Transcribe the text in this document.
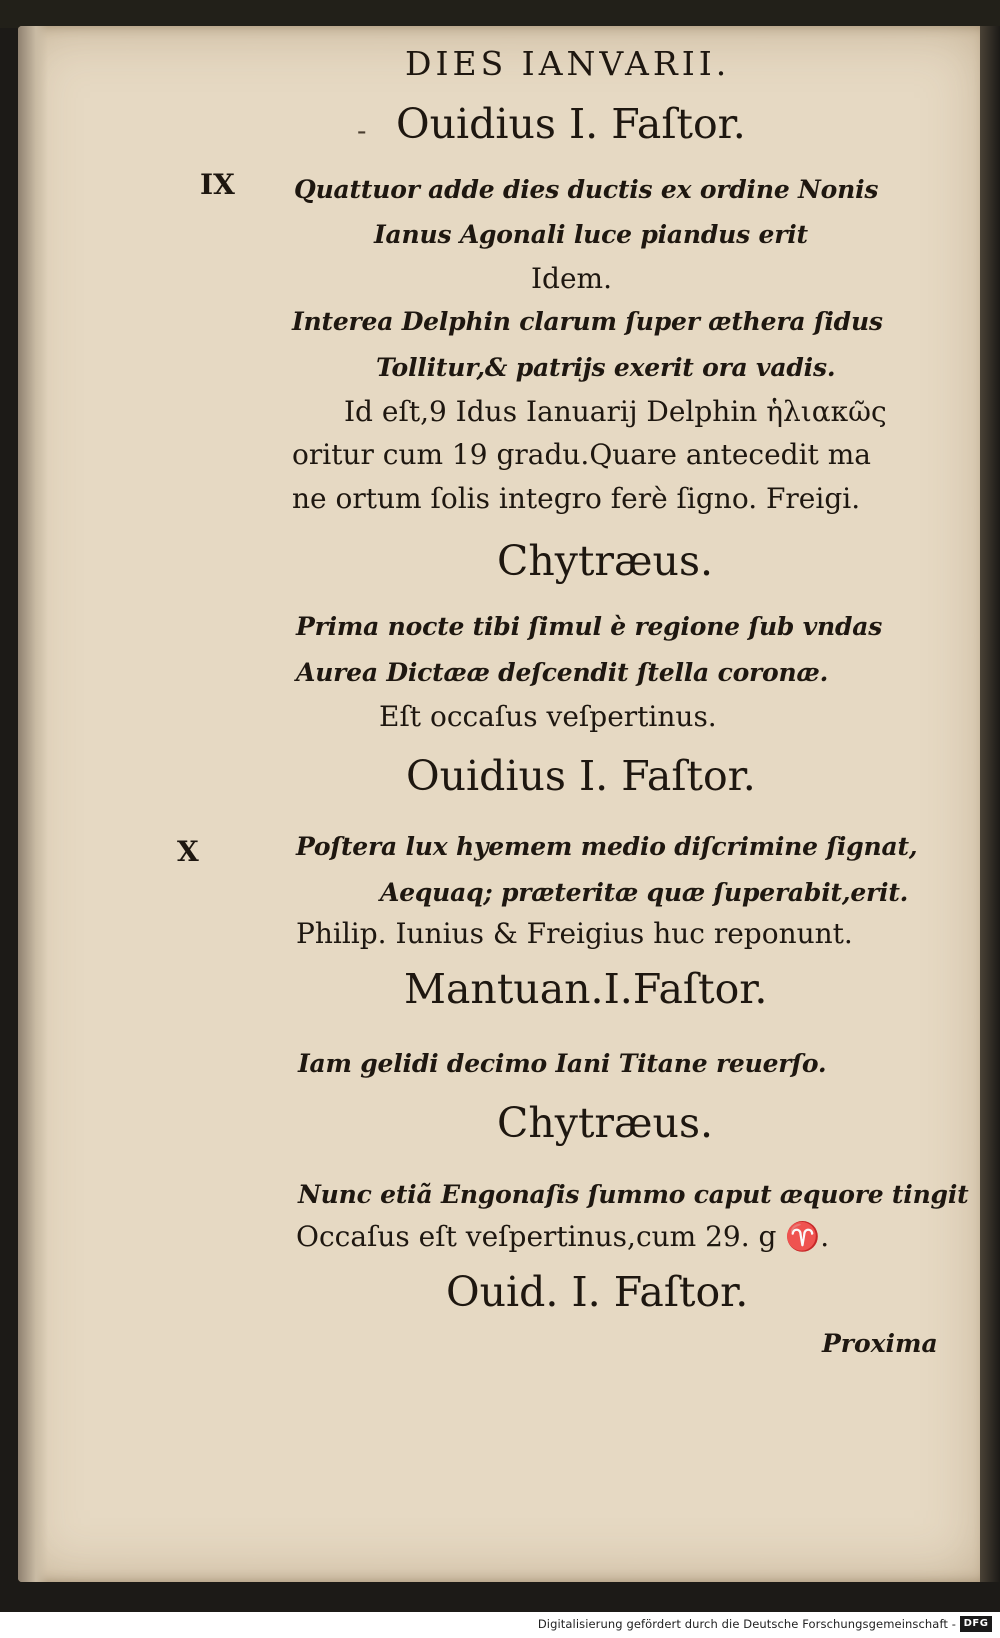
DIES IANVARII.
- Ouidius I. Faſtor.
IX Quattuor adde dies ductis ex ordine Nonis
Ianus Agonali luce piandus erit
Idem.
Interea Delphin clarum ſuper æthera ſidus
Tollitur,& patrijs exerit ora vadis.
Id eſt,9 Idus Ianuarij Delphin ἡλιακῶς
oritur cum 19 gradu.Quare antecedit ma
ne ortum ſolis integro ferè ſigno. Freigi.
Chytræus.
Prima nocte tibi ſimul è regione ſub vndas
Aurea Dictææ deſcendit ſtella coronæ.
Eſt occaſus veſpertinus.
Ouidius I. Faſtor.
X	Poſtera lux hyemem medio diſcrimine ſignat,
Aequaq; præteritæ quæ ſuperabit,erit.
Philip. Iunius & Freigius huc reponunt.
Mantuan.I.Faſtor.
Iam gelidi decimo Iani Titane reuerſo.
Chytræus.
Nunc etiã Engonaſis ſummo caput æquore tingit
Occaſus eſt veſpertinus,cum 29. g ♈.
Ouid. I. Faſtor.
Proxima
Digitalisierung gefördert durch die Deutsche Forschungsgemeinschaft - DFG
